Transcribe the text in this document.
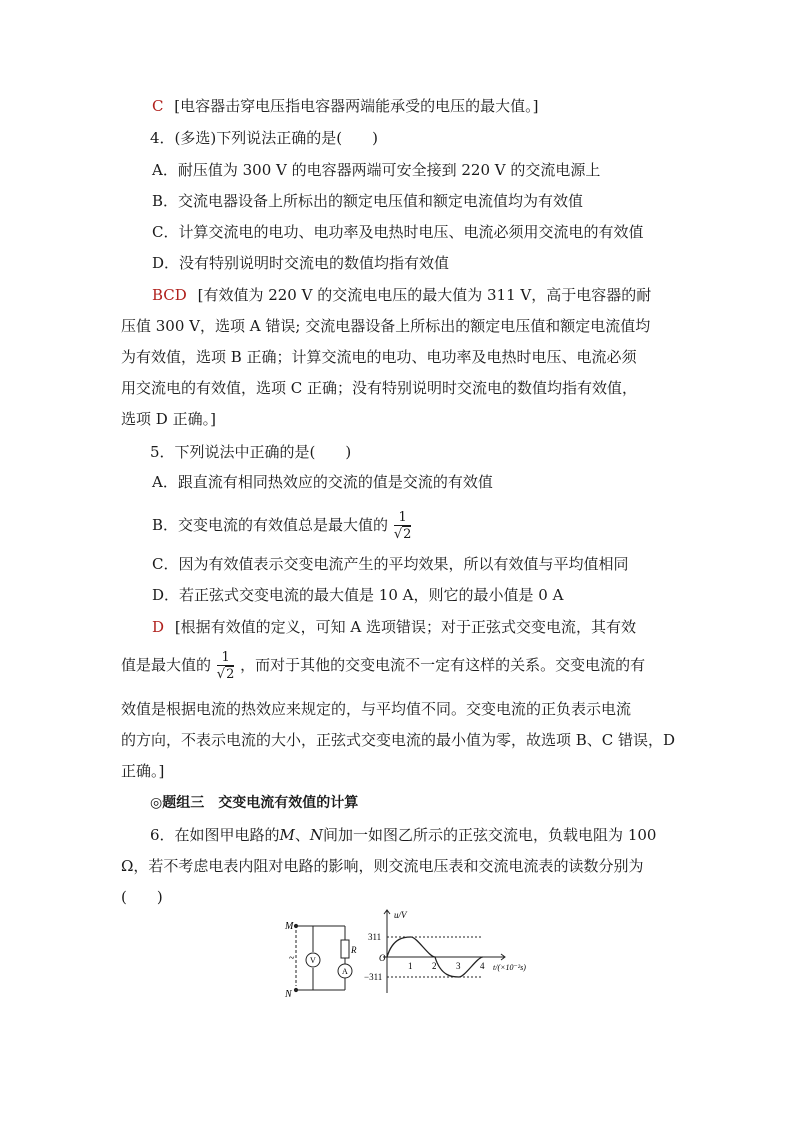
C [电容器击穿电压指电容器两端能承受的电压的最大值。]
4．(多选)下列说法正确的是(　　)
A．耐压值为 300 V 的电容器两端可安全接到 220 V 的交流电源上
B．交流电器设备上所标出的额定电压值和额定电流值均为有效值
C．计算交流电的电功、电功率及电热时电压、电流必须用交流电的有效值
D．没有特别说明时交流电的数值均指有效值
BCD [有效值为 220 V 的交流电电压的最大值为 311 V，高于电容器的耐
压值 300 V，选项 A 错误; 交流电器设备上所标出的额定电压值和额定电流值均
为有效值，选项 B 正确；计算交流电的电功、电功率及电热时电压、电流必须
用交流电的有效值，选项 C 正确；没有特别说明时交流电的数值均指有效值，
选项 D 正确。]
5．下列说法中正确的是(　　)
A．跟直流有相同热效应的交流的值是交流的有效值
B．交变电流的有效值总是最大值的 $\frac{1}{√2}$
C．因为有效值表示交变电流产生的平均效果，所以有效值与平均值相同
D．若正弦式交变电流的最大值是 10 A，则它的最小值是 0 A
D [根据有效值的定义，可知 A 选项错误；对于正弦式交变电流，其有效
值是最大值的 $\frac{1}{√2}$ ，而对于其他的交变电流不一定有这样的关系。交变电流的有
效值是根据电流的热效应来规定的，与平均值不同。交变电流的正负表示电流
的方向，不表示电流的大小，正弦式交变电流的最小值为零，故选项 B、C 错误，D
正确。]
◎题组三　交变电流有效值的计算
6．在如图甲电路的M、N间加一如图乙所示的正弦交流电，负载电阻为 100
Ω，若不考虑电表内阻对电路的影响，则交流电压表和交流电流表的读数分别为
(　　)
M
N
~ V
A
R
u/V
311
O
−311
1 2 3 4 t/(×10⁻²s)
